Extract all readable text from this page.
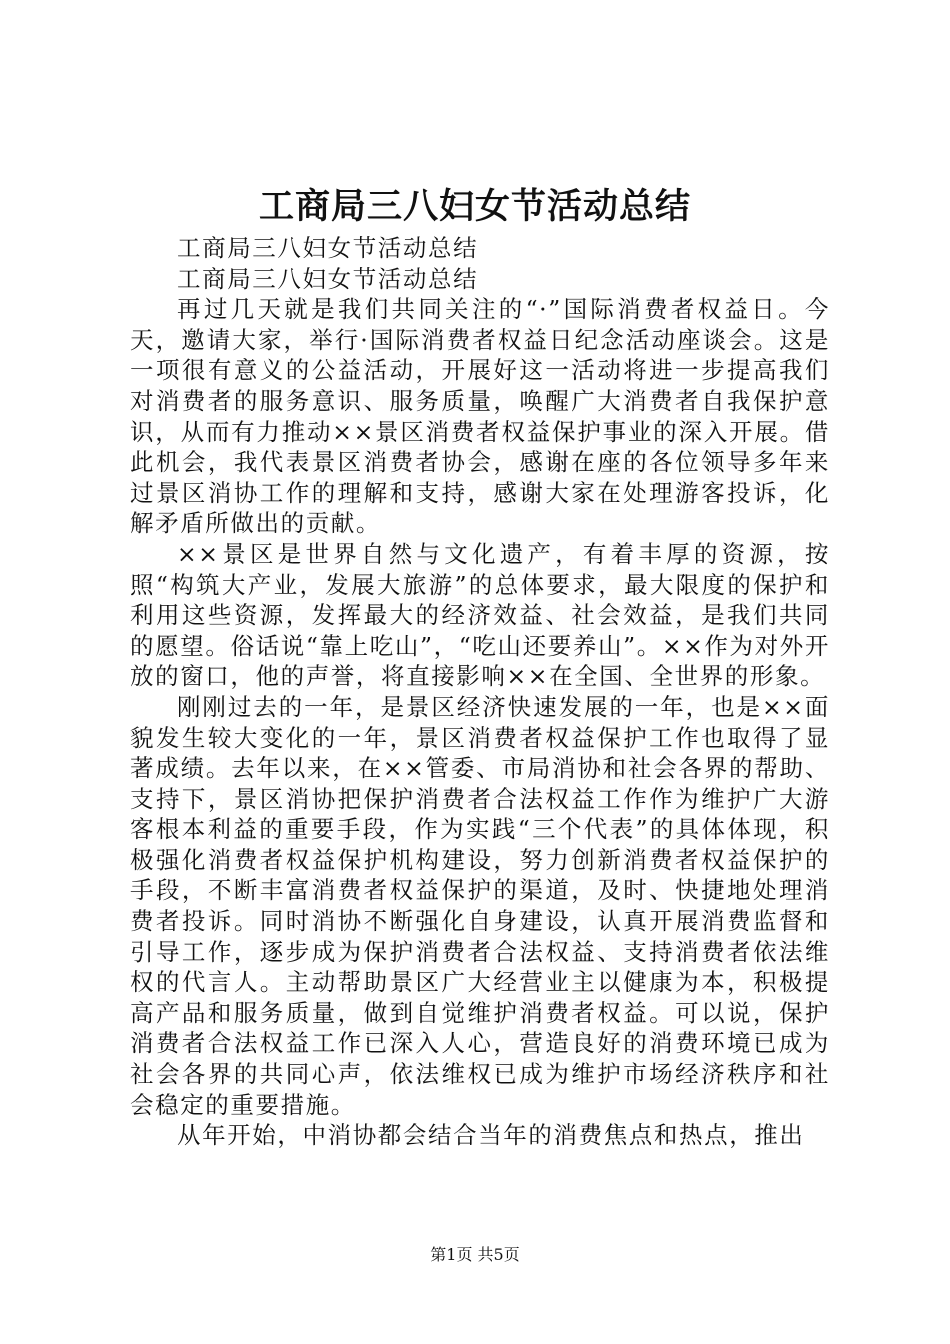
工商局三八妇女节活动总结

工商局三八妇女节活动总结

工商局三八妇女节活动总结

再过几天就是我们共同关注的“·”国际消费者权益日。今天，邀请大家，举行·国际消费者权益日纪念活动座谈会。这是一项很有意义的公益活动，开展好这一活动将进一步提高我们对消费者的服务意识、服务质量，唤醒广大消费者自我保护意识，从而有力推动××景区消费者权益保护事业的深入开展。借此机会，我代表景区消费者协会，感谢在座的各位领导多年来过景区消协工作的理解和支持，感谢大家在处理游客投诉，化解矛盾所做出的贡献。

××景区是世界自然与文化遗产，有着丰厚的资源，按照“构筑大产业，发展大旅游”的总体要求，最大限度的保护和利用这些资源，发挥最大的经济效益、社会效益，是我们共同的愿望。俗话说“靠上吃山”，“吃山还要养山”。××作为对外开放的窗口，他的声誉，将直接影响××在全国、全世界的形象。

刚刚过去的一年，是景区经济快速发展的一年，也是××面貌发生较大变化的一年，景区消费者权益保护工作也取得了显著成绩。去年以来，在××管委、市局消协和社会各界的帮助、支持下，景区消协把保护消费者合法权益工作作为维护广大游客根本利益的重要手段，作为实践“三个代表”的具体体现，积极强化消费者权益保护机构建设，努力创新消费者权益保护的手段，不断丰富消费者权益保护的渠道，及时、快捷地处理消费者投诉。同时消协不断强化自身建设，认真开展消费监督和引导工作，逐步成为保护消费者合法权益、支持消费者依法维权的代言人。主动帮助景区广大经营业主以健康为本，积极提高产品和服务质量，做到自觉维护消费者权益。可以说，保护消费者合法权益工作已深入人心，营造良好的消费环境已成为社会各界的共同心声，依法维权已成为维护市场经济秩序和社会稳定的重要措施。

从年开始，中消协都会结合当年的消费焦点和热点，推出

第1页 共5页
